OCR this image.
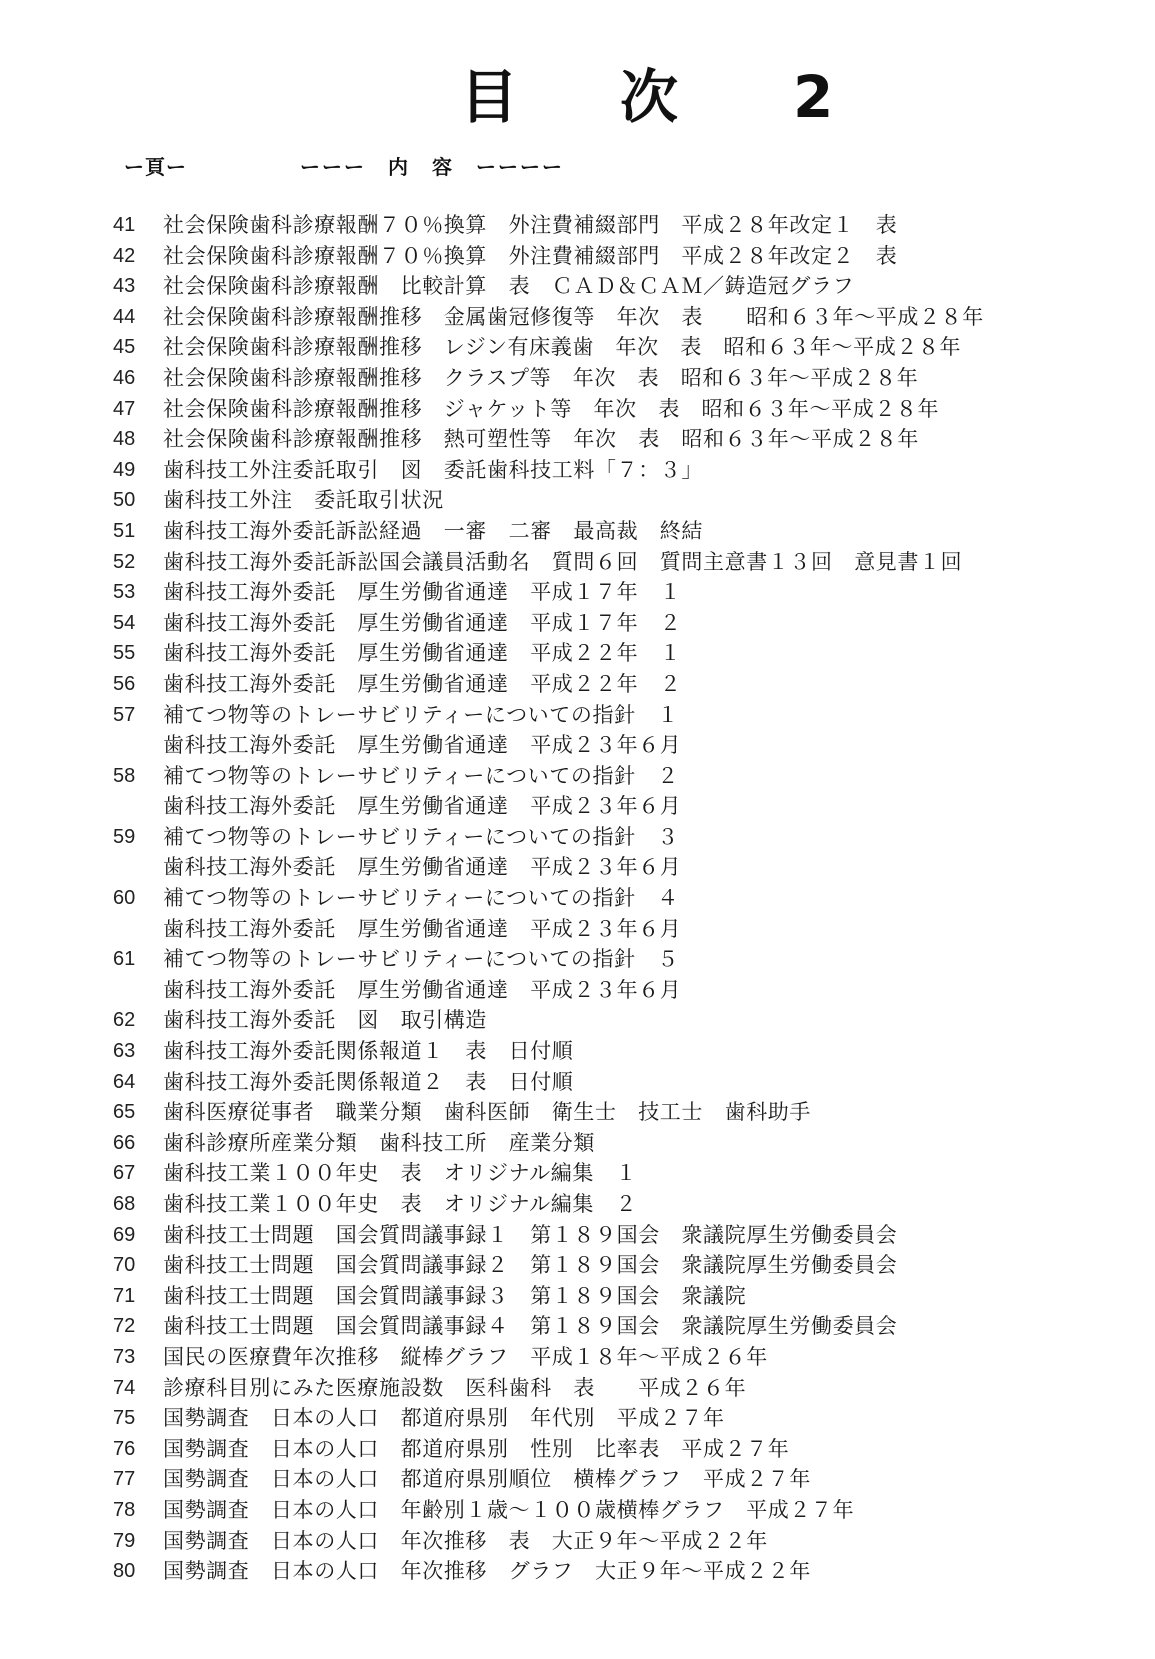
目 次 2
ー頁ー	ーーー　内　容　ーーーー
41	社会保険歯科診療報酬７０％換算　外注費補綴部門　平成２８年改定１　表
42	社会保険歯科診療報酬７０％換算　外注費補綴部門　平成２８年改定２　表
43	社会保険歯科診療報酬　比較計算　表　ＣＡＤ＆ＣＡＭ／鋳造冠グラフ
44	社会保険歯科診療報酬推移　金属歯冠修復等　年次　表　　昭和６３年～平成２８年
45	社会保険歯科診療報酬推移　レジン有床義歯　年次　表　昭和６３年～平成２８年
46	社会保険歯科診療報酬推移　クラスプ等　年次　表　昭和６３年～平成２８年
47	社会保険歯科診療報酬推移　ジャケット等　年次　表　昭和６３年～平成２８年
48	社会保険歯科診療報酬推移　熱可塑性等　年次　表　昭和６３年～平成２８年
49	歯科技工外注委託取引　図　委託歯科技工料「７：３」
50	歯科技工外注　委託取引状況
51	歯科技工海外委託訴訟経過　一審　二審　最高裁　終結
52	歯科技工海外委託訴訟国会議員活動名　質問６回　質問主意書１３回　意見書１回
53	歯科技工海外委託　厚生労働省通達　平成１７年　１
54	歯科技工海外委託　厚生労働省通達　平成１７年　２
55	歯科技工海外委託　厚生労働省通達　平成２２年　１
56	歯科技工海外委託　厚生労働省通達　平成２２年　２
57	補てつ物等のトレーサビリティーについての指針　１
歯科技工海外委託　厚生労働省通達　平成２３年６月
58	補てつ物等のトレーサビリティーについての指針　２
歯科技工海外委託　厚生労働省通達　平成２３年６月
59	補てつ物等のトレーサビリティーについての指針　３
歯科技工海外委託　厚生労働省通達　平成２３年６月
60	補てつ物等のトレーサビリティーについての指針　４
歯科技工海外委託　厚生労働省通達　平成２３年６月
61	補てつ物等のトレーサビリティーについての指針　５
歯科技工海外委託　厚生労働省通達　平成２３年６月
62	歯科技工海外委託　図　取引構造
63	歯科技工海外委託関係報道１　表　日付順
64	歯科技工海外委託関係報道２　表　日付順
65	歯科医療従事者　職業分類　歯科医師　衛生士　技工士　歯科助手
66	歯科診療所産業分類　歯科技工所　産業分類
67	歯科技工業１００年史　表　オリジナル編集　１
68	歯科技工業１００年史　表　オリジナル編集　２
69	歯科技工士問題　国会質問議事録１　第１８９国会　衆議院厚生労働委員会
70	歯科技工士問題　国会質問議事録２　第１８９国会　衆議院厚生労働委員会
71	歯科技工士問題　国会質問議事録３　第１８９国会　衆議院
72	歯科技工士問題　国会質問議事録４　第１８９国会　衆議院厚生労働委員会
73	国民の医療費年次推移　縦棒グラフ　平成１８年～平成２６年
74	診療科目別にみた医療施設数　医科歯科　表　　平成２６年
75	国勢調査　日本の人口　都道府県別　年代別　平成２７年
76	国勢調査　日本の人口　都道府県別　性別　比率表　平成２７年
77	国勢調査　日本の人口　都道府県別順位　横棒グラフ　平成２７年
78	国勢調査　日本の人口　年齢別１歳～１００歳横棒グラフ　平成２７年
79	国勢調査　日本の人口　年次推移　表　大正９年～平成２２年
80	国勢調査　日本の人口　年次推移　グラフ　大正９年～平成２２年
